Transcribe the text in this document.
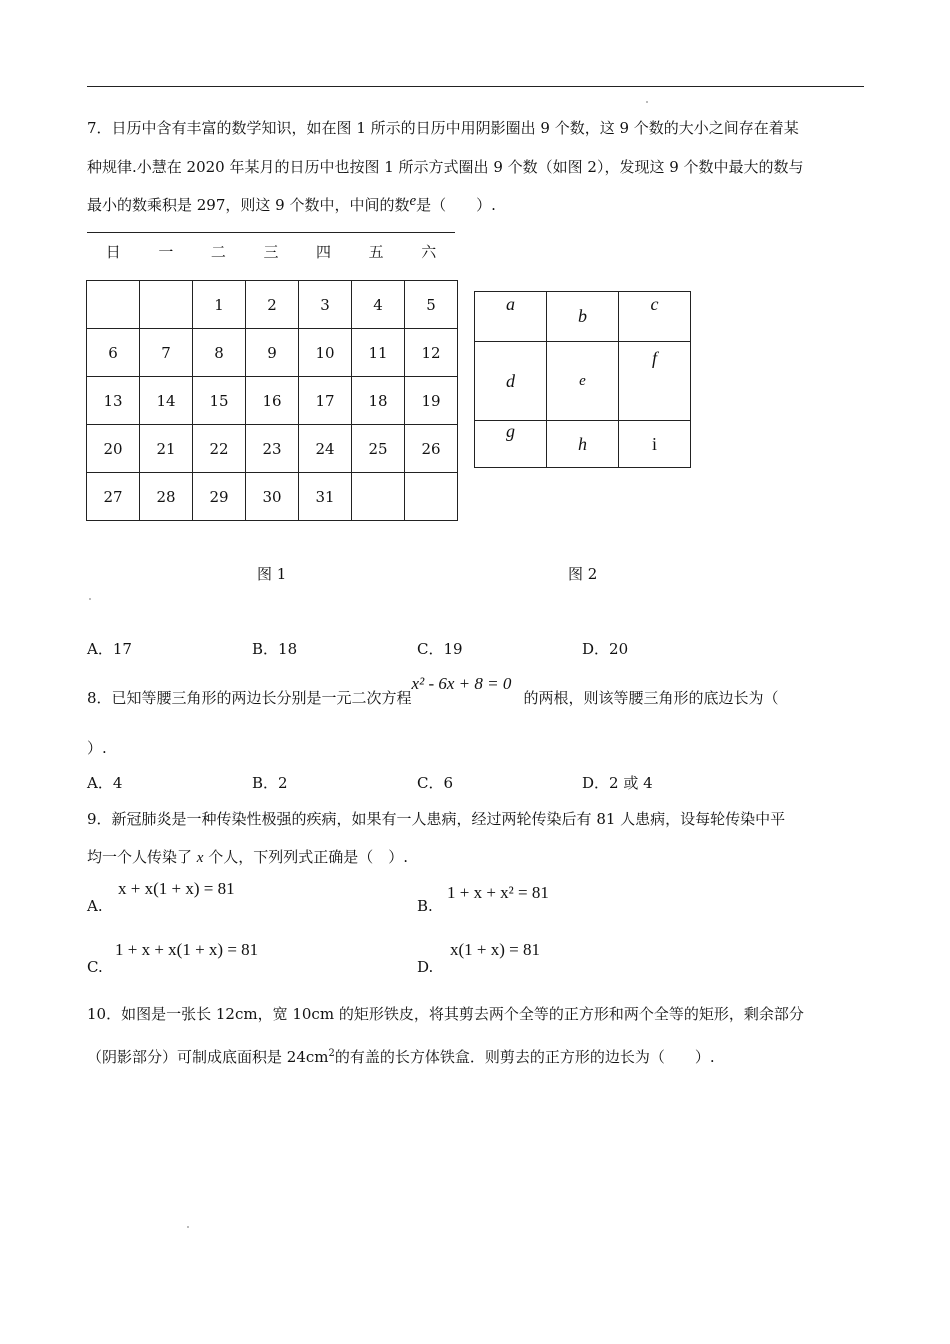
7．日历中含有丰富的数学知识，如在图 1 所示的日历中用阴影圈出 9 个数，这 9 个数的大小之间存在着某
种规律.小慧在 2020 年某月的日历中也按图 1 所示方式圈出 9 个数（如图 2），发现这 9 个数中最大的数与
最小的数乘积是 297，则这 9 个数中，中间的数e是（　　）.
日	一	二	三	四	五	六
		1	2	3	4	5
6	7	8	9	10	11	12
13	14	15	16	17	18	19
20	21	22	23	24	25	26
27	28	29	30	31		
a	b	c
d	e	f
g	h	i
图 1	图 2
A．17	B．18	C．19	D．20
8．已知等腰三角形的两边长分别是一元二次方程x² - 6x + 8 = 0的两根，则该等腰三角形的底边长为（
）.
A．4	B．2	C．6	D．2 或 4
9．新冠肺炎是一种传染性极强的疾病，如果有一人患病，经过两轮传染后有 81 人患病，设每轮传染中平
均一个人传染了 x 个人，下列列式正确是（　）.
A.
x + x(1 + x) = 81
B.
1 + x + x² = 81
C.
1 + x + x(1 + x) = 81
D.
x(1 + x) = 81
10．如图是一张长 12cm，宽 10cm 的矩形铁皮，将其剪去两个全等的正方形和两个全等的矩形，剩余部分
（阴影部分）可制成底面积是 $24cm^2$的有盖的长方体铁盒．则剪去的正方形的边长为（　　）.
